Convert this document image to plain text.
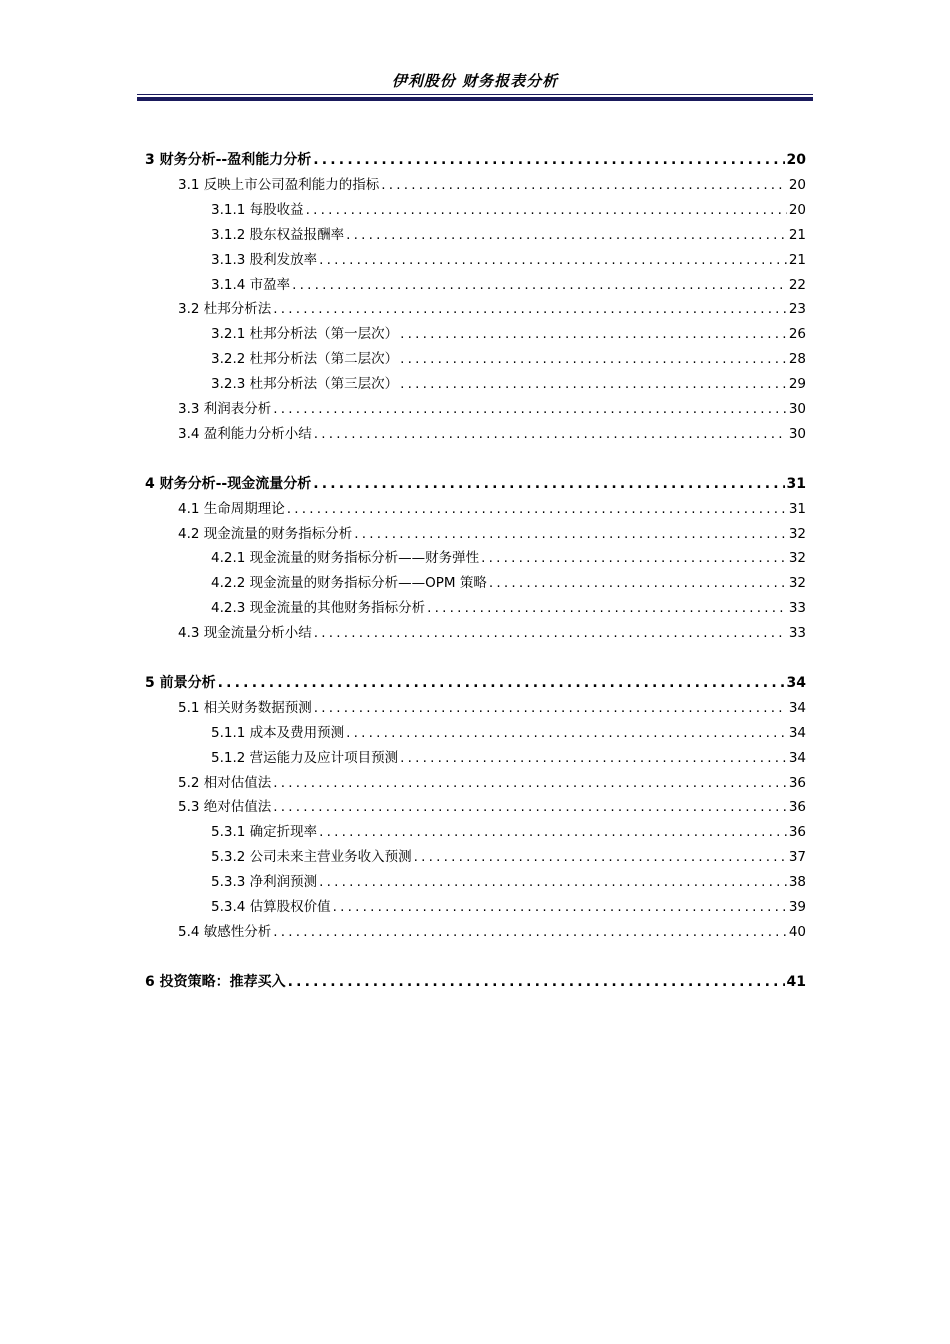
伊利股份 财务报表分析
3 财务分析--盈利能力分析 .....	20
3.1 反映上市公司盈利能力的指标 .....	20
3.1.1 每股收益 .....	20
3.1.2 股东权益报酬率 .....	21
3.1.3 股利发放率 .....	21
3.1.4 市盈率 .....	22
3.2 杜邦分析法 .....	23
3.2.1 杜邦分析法（第一层次） .....	26
3.2.2 杜邦分析法（第二层次） .....	28
3.2.3 杜邦分析法（第三层次） .....	29
3.3 利润表分析 .....	30
3.4 盈利能力分析小结 .....	30
4 财务分析--现金流量分析 .....	31
4.1 生命周期理论 .....	31
4.2 现金流量的财务指标分析 .....	32
4.2.1 现金流量的财务指标分析——财务弹性 .....	32
4.2.2 现金流量的财务指标分析——OPM 策略 .....	32
4.2.3 现金流量的其他财务指标分析 .....	33
4.3 现金流量分析小结 .....	33
5 前景分析 .....	34
5.1 相关财务数据预测 .....	34
5.1.1 成本及费用预测 .....	34
5.1.2 营运能力及应计项目预测 .....	34
5.2 相对估值法 .....	36
5.3 绝对估值法 .....	36
5.3.1 确定折现率 .....	36
5.3.2 公司未来主营业务收入预测 .....	37
5.3.3 净利润预测 .....	38
5.3.4 估算股权价值 .....	39
5.4 敏感性分析 .....	40
6 投资策略：推荐买入 .....	41
